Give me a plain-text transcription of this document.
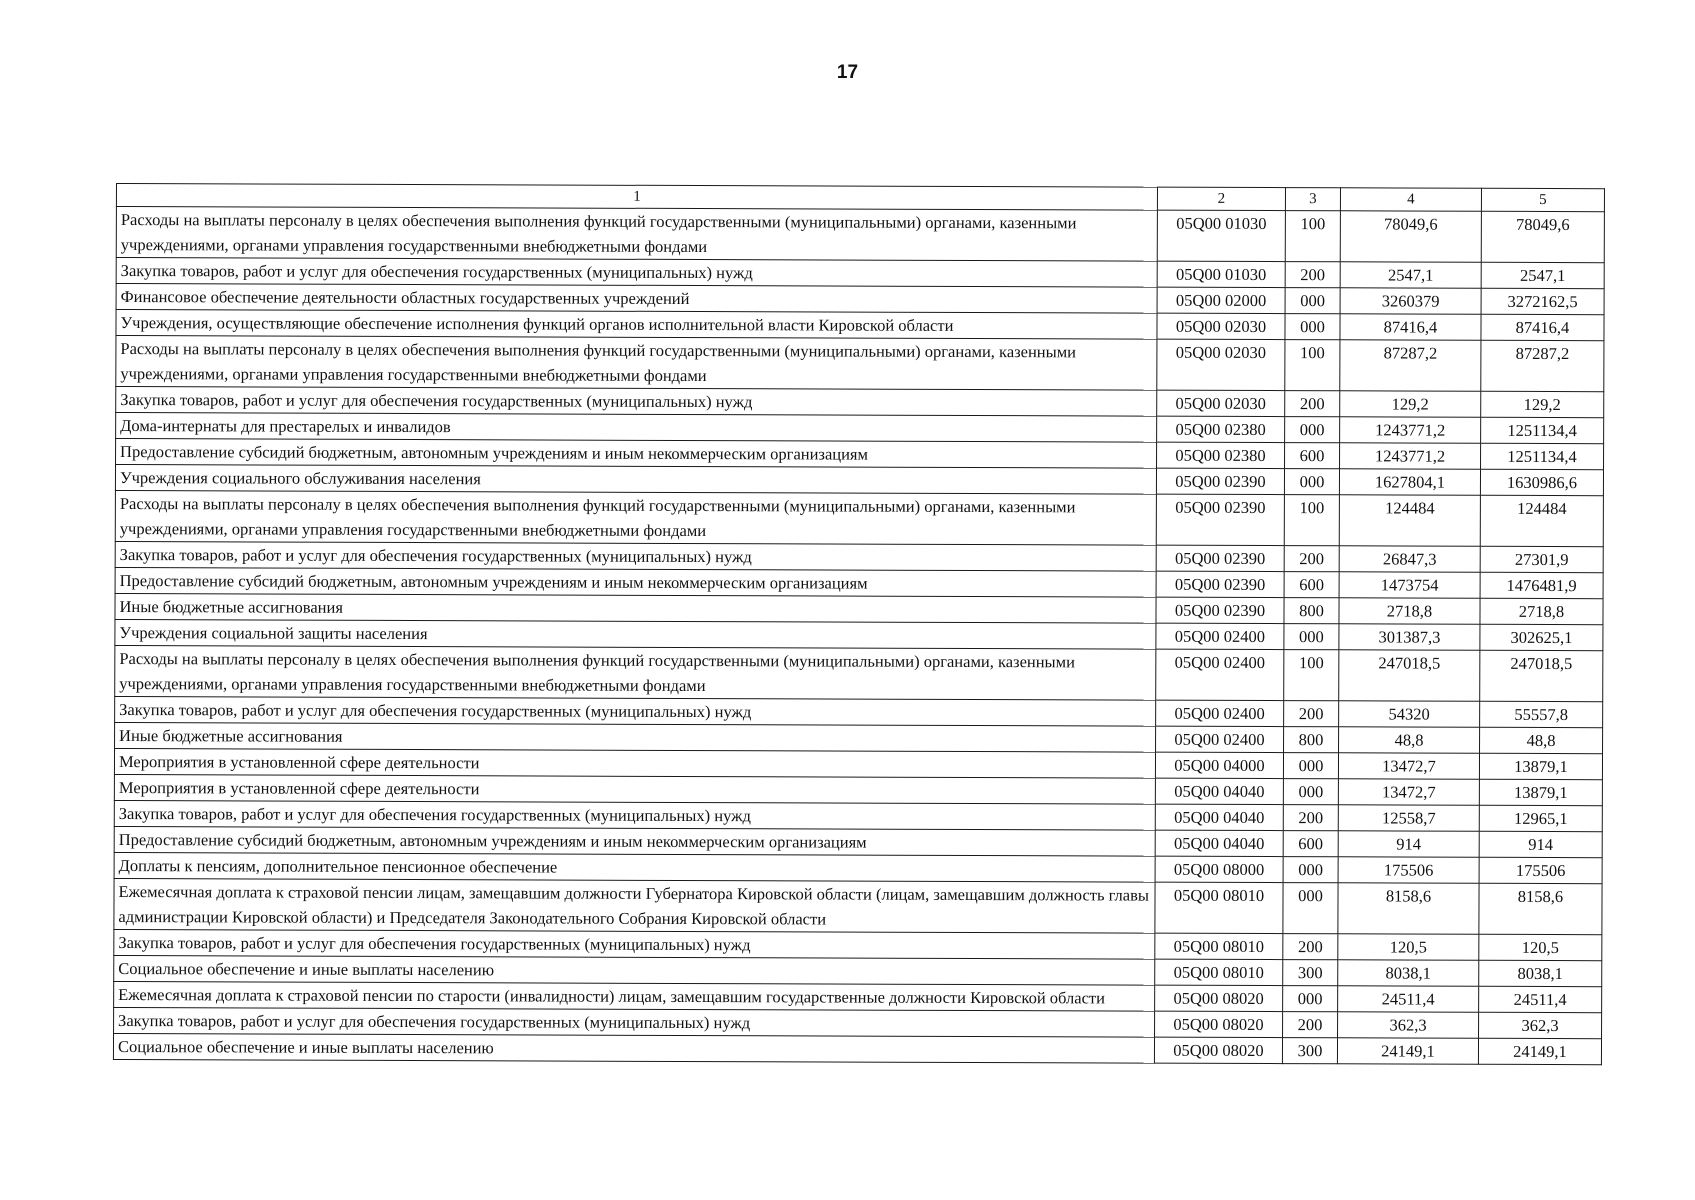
17
1	2	3	4	5
Расходы на выплаты персоналу в целях обеспечения выполнения функций государственными (муниципальными) органами, казенными учреждениями, органами управления государственными внебюджетными фондами	05Q00 01030	100	78049,6	78049,6
Закупка товаров, работ и услуг для обеспечения государственных (муниципальных) нужд	05Q00 01030	200	2547,1	2547,1
Финансовое обеспечение деятельности областных государственных учреждений	05Q00 02000	000	3260379	3272162,5
Учреждения, осуществляющие обеспечение исполнения функций органов исполнительной власти Кировской области	05Q00 02030	000	87416,4	87416,4
Расходы на выплаты персоналу в целях обеспечения выполнения функций государственными (муниципальными) органами, казенными учреждениями, органами управления государственными внебюджетными фондами	05Q00 02030	100	87287,2	87287,2
Закупка товаров, работ и услуг для обеспечения государственных (муниципальных) нужд	05Q00 02030	200	129,2	129,2
Дома-интернаты для престарелых и инвалидов	05Q00 02380	000	1243771,2	1251134,4
Предоставление субсидий бюджетным, автономным учреждениям и иным некоммерческим организациям	05Q00 02380	600	1243771,2	1251134,4
Учреждения социального обслуживания населения	05Q00 02390	000	1627804,1	1630986,6
Расходы на выплаты персоналу в целях обеспечения выполнения функций государственными (муниципальными) органами, казенными учреждениями, органами управления государственными внебюджетными фондами	05Q00 02390	100	124484	124484
Закупка товаров, работ и услуг для обеспечения государственных (муниципальных) нужд	05Q00 02390	200	26847,3	27301,9
Предоставление субсидий бюджетным, автономным учреждениям и иным некоммерческим организациям	05Q00 02390	600	1473754	1476481,9
Иные бюджетные ассигнования	05Q00 02390	800	2718,8	2718,8
Учреждения социальной защиты населения	05Q00 02400	000	301387,3	302625,1
Расходы на выплаты персоналу в целях обеспечения выполнения функций государственными (муниципальными) органами, казенными учреждениями, органами управления государственными внебюджетными фондами	05Q00 02400	100	247018,5	247018,5
Закупка товаров, работ и услуг для обеспечения государственных (муниципальных) нужд	05Q00 02400	200	54320	55557,8
Иные бюджетные ассигнования	05Q00 02400	800	48,8	48,8
Мероприятия в установленной сфере деятельности	05Q00 04000	000	13472,7	13879,1
Мероприятия в установленной сфере деятельности	05Q00 04040	000	13472,7	13879,1
Закупка товаров, работ и услуг для обеспечения государственных (муниципальных) нужд	05Q00 04040	200	12558,7	12965,1
Предоставление субсидий бюджетным, автономным учреждениям и иным некоммерческим организациям	05Q00 04040	600	914	914
Доплаты к пенсиям, дополнительное пенсионное обеспечение	05Q00 08000	000	175506	175506
Ежемесячная доплата к страховой пенсии лицам, замещавшим должности Губернатора Кировской области (лицам, замещавшим должность главы администрации Кировской области) и Председателя Законодательного Собрания Кировской области	05Q00 08010	000	8158,6	8158,6
Закупка товаров, работ и услуг для обеспечения государственных (муниципальных) нужд	05Q00 08010	200	120,5	120,5
Социальное обеспечение и иные выплаты населению	05Q00 08010	300	8038,1	8038,1
Ежемесячная доплата к страховой пенсии по старости (инвалидности) лицам, замещавшим государственные должности Кировской области	05Q00 08020	000	24511,4	24511,4
Закупка товаров, работ и услуг для обеспечения государственных (муниципальных) нужд	05Q00 08020	200	362,3	362,3
Социальное обеспечение и иные выплаты населению	05Q00 08020	300	24149,1	24149,1
